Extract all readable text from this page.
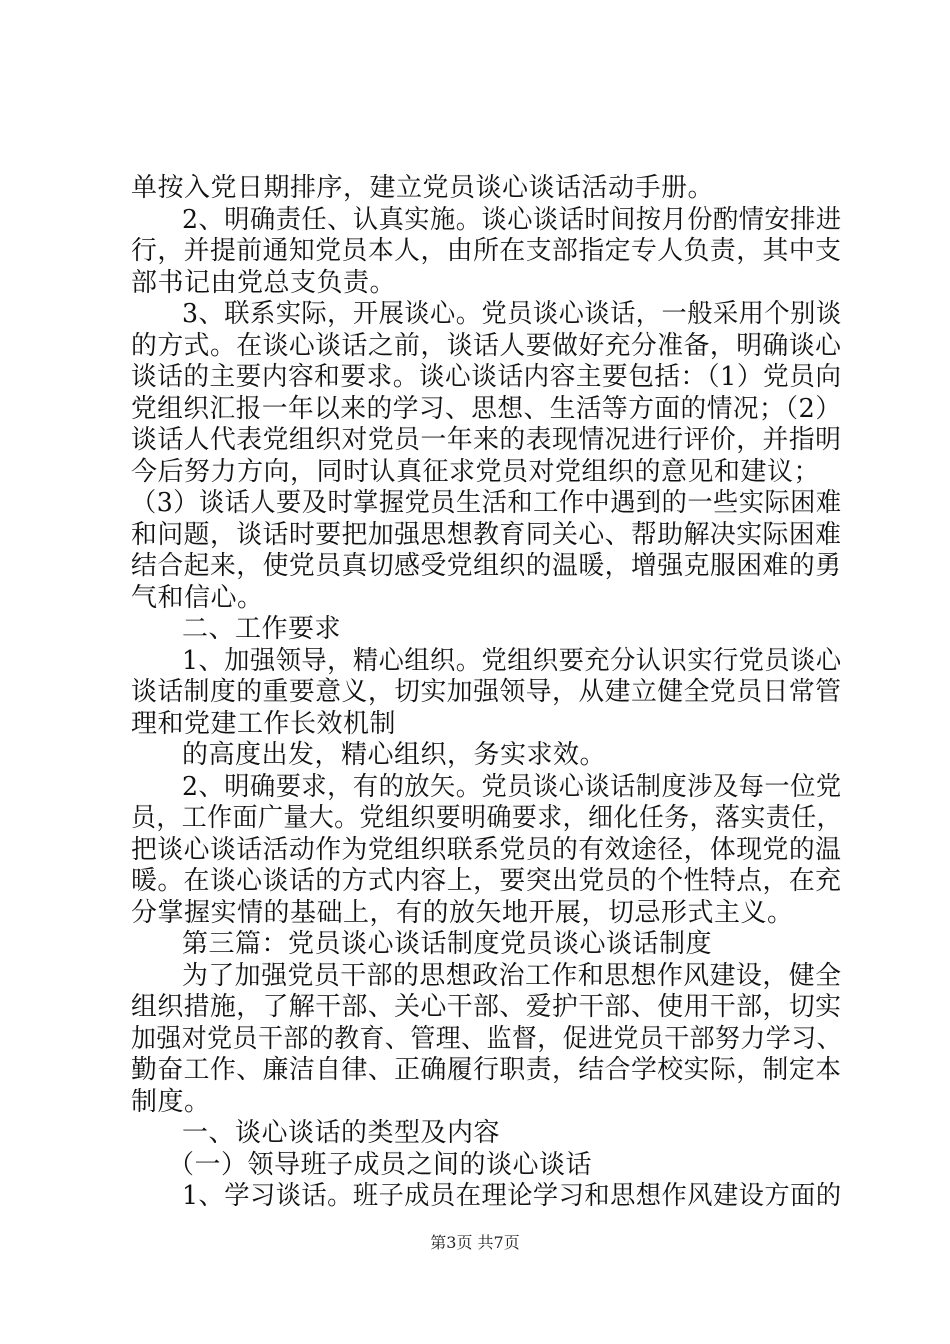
单按入党日期排序，建立党员谈心谈话活动手册。
2、明确责任、认真实施。谈心谈话时间按月份酌情安排进
行，并提前通知党员本人，由所在支部指定专人负责，其中支
部书记由党总支负责。
3、联系实际，开展谈心。党员谈心谈话，一般采用个别谈
的方式。在谈心谈话之前，谈话人要做好充分准备，明确谈心
谈话的主要内容和要求。谈心谈话内容主要包括：（1）党员向
党组织汇报一年以来的学习、思想、生活等方面的情况；（2）
谈话人代表党组织对党员一年来的表现情况进行评价，并指明
今后努力方向，同时认真征求党员对党组织的意见和建议；
（3）谈话人要及时掌握党员生活和工作中遇到的一些实际困难
和问题，谈话时要把加强思想教育同关心、帮助解决实际困难
结合起来，使党员真切感受党组织的温暖，增强克服困难的勇
气和信心。
二、工作要求
1、加强领导，精心组织。党组织要充分认识实行党员谈心
谈话制度的重要意义，切实加强领导，从建立健全党员日常管
理和党建工作长效机制
的高度出发，精心组织，务实求效。
2、明确要求，有的放矢。党员谈心谈话制度涉及每一位党
员，工作面广量大。党组织要明确要求，细化任务，落实责任，
把谈心谈话活动作为党组织联系党员的有效途径，体现党的温
暖。在谈心谈话的方式内容上，要突出党员的个性特点，在充
分掌握实情的基础上，有的放矢地开展，切忌形式主义。
第三篇：党员谈心谈话制度党员谈心谈话制度
为了加强党员干部的思想政治工作和思想作风建设，健全
组织措施，了解干部、关心干部、爱护干部、使用干部，切实
加强对党员干部的教育、管理、监督，促进党员干部努力学习、
勤奋工作、廉洁自律、正确履行职责，结合学校实际，制定本
制度。
一、谈心谈话的类型及内容
（一）领导班子成员之间的谈心谈话
1、学习谈话。班子成员在理论学习和思想作风建设方面的
第3页 共7页
